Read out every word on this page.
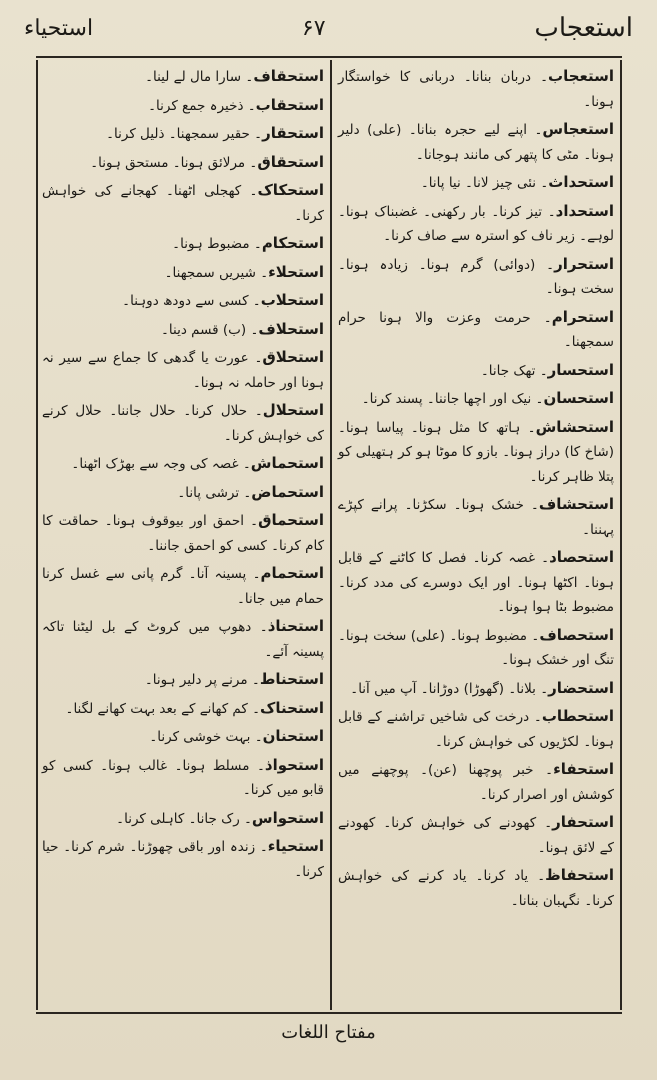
استعجاب
۶۷
استحیاء

استعجاب۔ دربان بنانا۔ دربانی کا خواستگار ہونا۔

استعجاس۔ اپنے لیے حجرہ بنانا۔ (علی) دلیر ہونا۔ مٹی کا پتھر کی مانند ہوجانا۔

استحداث۔ نئی چیز لانا۔ نیا پانا۔

استحداد۔ تیز کرنا۔ بار رکھنی۔ غضبناک ہونا۔ لوہے۔ زیر ناف کو استرہ سے صاف کرنا۔

استحرار۔ (دوائی) گرم ہونا۔ زیادہ ہونا۔ سخت ہونا۔

استحرام۔ حرمت وعزت والا ہونا حرام سمجھنا۔

استحسار۔ تھک جانا۔

استحسان۔ نیک اور اچھا جاننا۔ پسند کرنا۔

استحشاش۔ ہاتھ کا مثل ہونا۔ پیاسا ہونا۔ (شاخ کا) دراز ہونا۔ بازو کا موٹا ہو کر ہتھیلی کو پتلا ظاہر کرنا۔

استحشاف۔ خشک ہونا۔ سکڑنا۔ پرانے کپڑے پہننا۔

استحصاد۔ غصہ کرنا۔ فصل کا کاٹنے کے قابل ہونا۔ اکٹھا ہونا۔ اور ایک دوسرے کی مدد کرنا۔ مضبوط بٹا ہوا ہونا۔

استحصاف۔ مضبوط ہونا۔ (علی) سخت ہونا۔ تنگ اور خشک ہونا۔

استحضار۔ بلانا۔ (گھوڑا) دوڑانا۔ آپ میں آنا۔

استحطاب۔ درخت کی شاخیں تراشنے کے قابل ہونا۔ لکڑیوں کی خواہش کرنا۔

استحفاء۔ خبر پوچھنا (عن)۔ پوچھنے میں کوشش اور اصرار کرنا۔

استحفار۔ کھودنے کی خواہش کرنا۔ کھودنے کے لائق ہونا۔

استحفاظ۔ یاد کرنا۔ یاد کرنے کی خواہش کرنا۔ نگہبان بنانا۔

استحقاف۔ سارا مال لے لینا۔

استحقاب۔ ذخیرہ جمع کرنا۔

استحقار۔ حقیر سمجھنا۔ ذلیل کرنا۔

استحقاق۔ مرلائق ہونا۔ مستحق ہونا۔

استحکاک۔ کھجلی اٹھنا۔ کھجانے کی خواہش کرنا۔

استحکام۔ مضبوط ہونا۔

استحلاء۔ شیریں سمجھنا۔

استحلاب۔ کسی سے دودھ دوہنا۔

استحلاف۔ (ب) قسم دینا۔

استحلاق۔ عورت یا گدھی کا جماع سے سیر نہ ہونا اور حاملہ نہ ہونا۔

استحلال۔ حلال کرنا۔ حلال جاننا۔ حلال کرنے کی خواہش کرنا۔

استحماش۔ غصہ کی وجہ سے بھڑک اٹھنا۔

استحماض۔ ترشی پانا۔

استحماق۔ احمق اور بیوقوف ہونا۔ حماقت کا کام کرنا۔ کسی کو احمق جاننا۔

استحمام۔ پسینہ آنا۔ گرم پانی سے غسل کرنا حمام میں جانا۔

استحناذ۔ دھوپ میں کروٹ کے بل لیٹنا تاکہ پسینہ آئے۔

استحناط۔ مرنے پر دلیر ہونا۔

استحناک۔ کم کھانے کے بعد بہت کھانے لگنا۔

استحنان۔ بہت خوشی کرنا۔

استحواذ۔ مسلط ہونا۔ غالب ہونا۔ کسی کو قابو میں کرنا۔

استحواس۔ رک جانا۔ کاہلی کرنا۔

استحیاء۔ زندہ اور باقی چھوڑنا۔ شرم کرنا۔ حیا کرنا۔

مفتاح اللغات
